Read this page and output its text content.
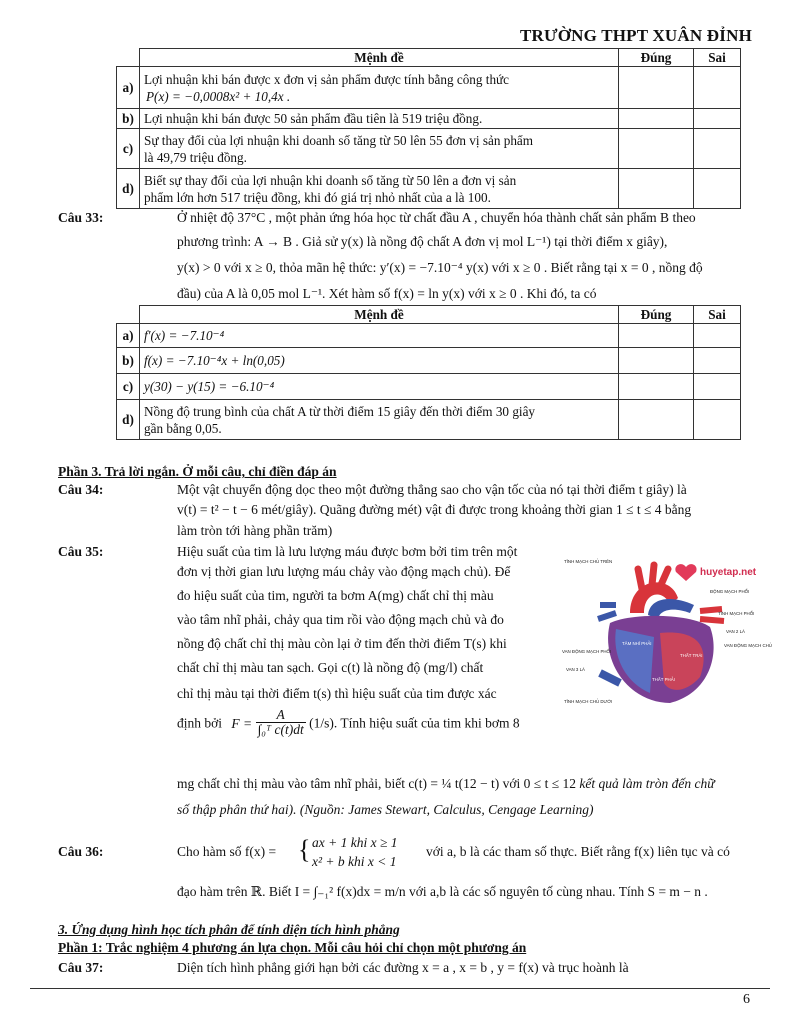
TRƯỜNG THPT XUÂN ĐỈNH
	Mệnh đề	Đúng	Sai
a)	Lợi nhuận khi bán được x đơn vị sản phẩm được tính bằng công thức
P(x) = −0,0008x² + 10,4x .		

b)	Lợi nhuận khi bán được 50 sản phẩm đầu tiên là 519 triệu đồng.		
c)	Sự thay đổi của lợi nhuận khi doanh số tăng từ 50 lên 55 đơn vị sản phẩm
là 49,79 triệu đồng.		

d)	Biết sự thay đổi của lợi nhuận khi doanh số tăng từ 50 lên a đơn vị sản
phẩm lớn hơn 517 triệu đồng, khi đó giá trị nhỏ nhất của a là 100.		

Câu 33:	Ở nhiệt độ 37°C , một phản ứng hóa học từ chất đầu A , chuyển hóa thành chất sản phẩm B theo
phương trình: A → B . Giả sử y(x) là nồng độ chất A đơn vị mol L⁻¹) tại thời điểm x giây),
y(x) > 0 với x ≥ 0, thỏa mãn hệ thức: y′(x) = −7.10⁻⁴ y(x) với x ≥ 0 . Biết rằng tại x = 0 , nồng độ
đầu) của A là 0,05 mol L⁻¹. Xét hàm số f(x) = ln y(x) với x ≥ 0 . Khi đó, ta có
	Mệnh đề	Đúng	Sai
a)	f′(x) = −7.10⁻⁴		
b)	f(x) = −7.10⁻⁴x + ln(0,05)		
c)	y(30) − y(15) = −6.10⁻⁴		
d)	Nồng độ trung bình của chất A từ thời điểm 15 giây đến thời điểm 30 giây
gần bằng 0,05.		

Phần 3. Trả lời ngắn. Ở mỗi câu, chỉ điền đáp án
Câu 34:	Một vật chuyển động dọc theo một đường thẳng sao cho vận tốc của nó tại thời điểm t giây) là
v(t) = t² − t − 6 mét/giây). Quãng đường mét) vật đi được trong khoảng thời gian 1 ≤ t ≤ 4 bằng
làm tròn tới hàng phần trăm)
Câu 35:	Hiệu suất của tim là lưu lượng máu được bơm bởi tim trên một
đơn vị thời gian lưu lượng máu chảy vào động mạch chủ). Để
đo hiệu suất của tim, người ta bơm A(mg) chất chỉ thị màu
vào tâm nhĩ phải, chảy qua tim rồi vào động mạch chủ và đo
nồng độ chất chỉ thị màu còn lại ở tim đến thời điểm T(s) khi
chất chỉ thị màu tan sạch. Gọi c(t) là nồng độ (mg/l) chất
chỉ thị màu tại thời điểm t(s) thì hiệu suất của tim được xác
định bởi $F = \frac{A}{\text{∫₀ᵀ c(t)dt}} (1/s)$. Tính hiệu suất của tim khi bơm 8
mg chất chỉ thị màu vào tâm nhĩ phải, biết c(t) = ¼ t(12 − t) với 0 ≤ t ≤ 12 kết quả làm tròn đến chữ
số thập phân thứ hai). (Nguồn: James Stewart, Calculus, Cengage Learning)
huyetap.net
TĨNH MẠCH CHỦ TRÊN
ĐỘNG MẠCH PHỔI
TĨNH MẠCH PHỔI
VAN 2 LÁ
VAN ĐỘNG MẠCH CHỦ
VAN ĐỘNG MẠCH PHỔI
TÂM NHĨ PHẢI
VAN 3 LÁ
THẤT TRÁI
THẤT PHẢI
TĨNH MẠCH CHỦ DƯỚI
Câu 36:	Cho hàm số f(x) = { ax + 1 khi x ≥ 1
x² + b khi x < 1
với a, b là các tham số thực. Biết rằng f(x) liên tục và có
đạo hàm trên ℝ. Biết I = ∫₋₁² f(x)dx = m/n với a,b là các số nguyên tố cùng nhau. Tính S = m − n .
3. Ứng dụng hình học tích phân để tính diện tích hình phẳng
Phần 1: Trắc nghiệm 4 phương án lựa chọn. Mỗi câu hỏi chỉ chọn một phương án
Câu 37:	Diện tích hình phẳng giới hạn bởi các đường x = a , x = b , y = f(x) và trục hoành là
6
